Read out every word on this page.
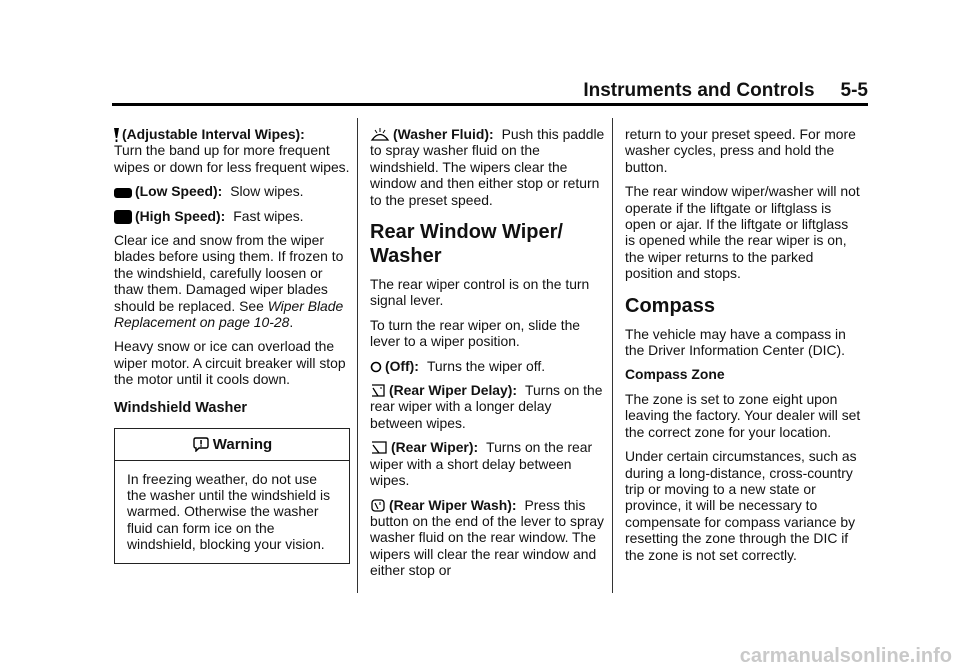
Instruments and Controls 5-5

(Adjustable Interval Wipes):
Turn the band up for more frequent wipes or down for less frequent wipes.

(Low Speed): Slow wipes.

(High Speed): Fast wipes.

Clear ice and snow from the wiper blades before using them. If frozen to the windshield, carefully loosen or thaw them. Damaged wiper blades should be replaced. See Wiper Blade Replacement on page 10-28.

Heavy snow or ice can overload the wiper motor. A circuit breaker will stop the motor until it cools down.

Windshield Washer
Warning
In freezing weather, do not use the washer until the windshield is warmed. Otherwise the washer fluid can form ice on the windshield, blocking your vision.

(Washer Fluid): Push this paddle to spray washer fluid on the windshield. The wipers clear the window and then either stop or return to the preset speed.

Rear Window Wiper/ Washer

The rear wiper control is on the turn signal lever.

To turn the rear wiper on, slide the lever to a wiper position.

(Off): Turns the wiper off.

(Rear Wiper Delay): Turns on the rear wiper with a longer delay between wipes.

(Rear Wiper): Turns on the rear wiper with a short delay between wipes.

(Rear Wiper Wash): Press this button on the end of the lever to spray washer fluid on the rear window. The wipers will clear the rear window and either stop or

return to your preset speed. For more washer cycles, press and hold the button.

The rear window wiper/washer will not operate if the liftgate or liftglass is open or ajar. If the liftgate or liftglass is opened while the rear wiper is on, the wiper returns to the parked position and stops.

Compass

The vehicle may have a compass in the Driver Information Center (DIC).

Compass Zone

The zone is set to zone eight upon leaving the factory. Your dealer will set the correct zone for your location.

Under certain circumstances, such as during a long-distance, cross-country trip or moving to a new state or province, it will be necessary to compensate for compass variance by resetting the zone through the DIC if the zone is not set correctly.

carmanualsonline.info
